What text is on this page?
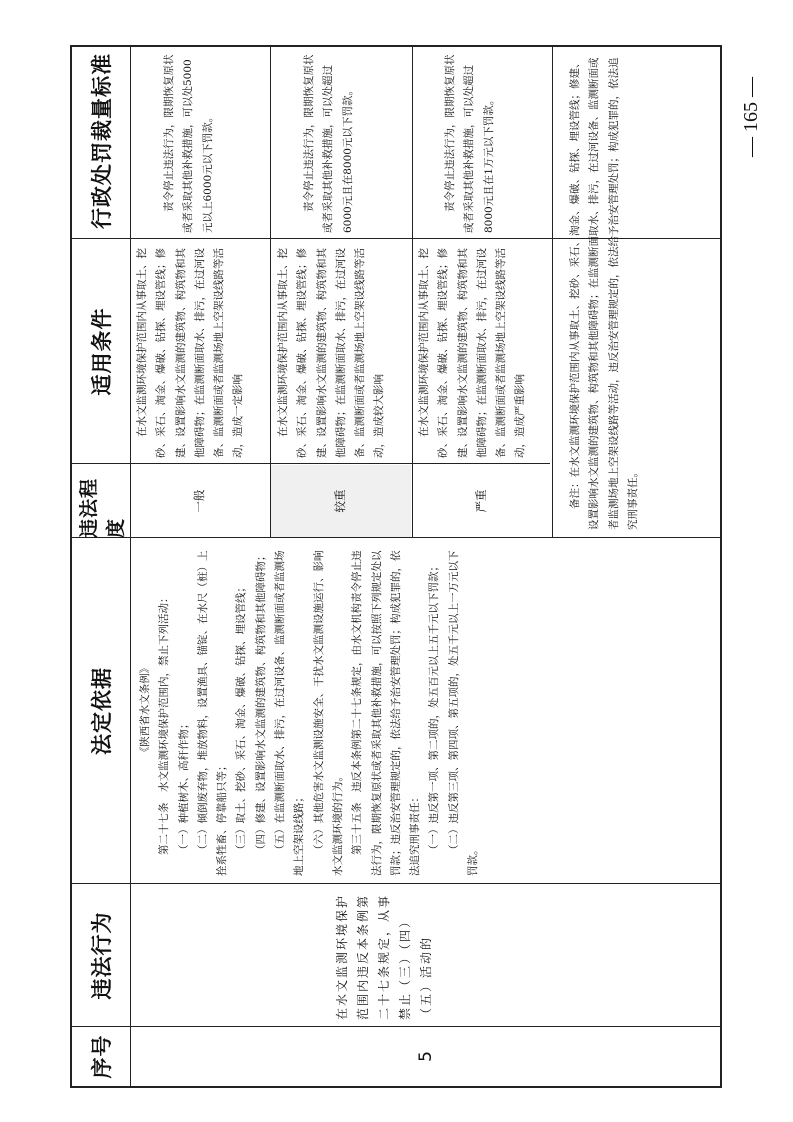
序号
违法行为
法定依据
违法程度
适用条件
行政处罚裁量标准
5
在水文监测环境保护范围内违反本条例第二十七条规定，从事禁止（三）（四）（五）活动的

《陕西省水文条例》 第二十七条　水文监测环境保护范围内，禁止下列活动： （一）种植树木、高秆作物； （二）倾倒废弃物，堆放物料，设置渔具、锚锭、在水尺（桩）上拴系牲畜、停靠船只等； （三）取土、挖砂、采石、淘金、爆破、钻探、埋设管线； （四）修建、设置影响水文监测的建筑物、构筑物和其他障碍物； （五）在监测断面取水、排污，在过河设备、监测断面或者监测场地上空架设线路； （六）其他危害水文监测设施安全、干扰水文监测设施运行、影响水文监测环境的行为。 第三十五条　违反本条例第二十七条规定，由水文机构责令停止违法行为，限期恢复原状或者采取其他补救措施，可以按照下列规定处以罚款；违反治安管理规定的，依法给予治安管理处罚；构成犯罪的，依法追究刑事责任： （一）违反第一项、第二项的，处五百元以上五千元以下罚款； （二）违反第三项、第四项、第五项的，处五千元以上一万元以下罚款。

一般
在水文监测环境保护范围内从事取土、挖砂、采石、淘金、爆破、钻探、埋设管线；修建、设置影响水文监测的建筑物、构筑物和其他障碍物；在监测断面取水、排污，在过河设备、监测断面或者监测场地上空架设线路等活动，造成一定影响
责令停止违法行为，限期恢复原状或者采取其他补救措施，可以处5000元以上6000元以下罚款。
较重
在水文监测环境保护范围内从事取土、挖砂、采石、淘金、爆破、钻探、埋设管线；修建、设置影响水文监测的建筑物、构筑物和其他障碍物；在监测断面取水、排污，在过河设备、监测断面或者监测场地上空架设线路等活动，造成较大影响
责令停止违法行为，限期恢复原状或者采取其他补救措施，可以处超过6000元且在8000元以下罚款。
严重
在水文监测环境保护范围内从事取土、挖砂、采石、淘金、爆破、钻探、埋设管线；修建、设置影响水文监测的建筑物、构筑物和其他障碍物；在监测断面取水、排污，在过河设备、监测断面或者监测场地上空架设线路等活动，造成严重影响
责令停止违法行为，限期恢复原状或者采取其他补救措施，可以处超过8000元且在1万元以下罚款。	备注：在水文监测环境保护范围内从事取土、挖砂、采石、淘金、爆破、钻探、埋设管线；修建、设置影响水文监测的建筑物、构筑物和其他障碍物；在监测断面取水、排污，在过河设备、监测断面或者监测场地上空架设线路等活动，违反治安管理规定的，依法给予治安管理处罚；构成犯罪的，依法追究刑事责任。
— 165 —
